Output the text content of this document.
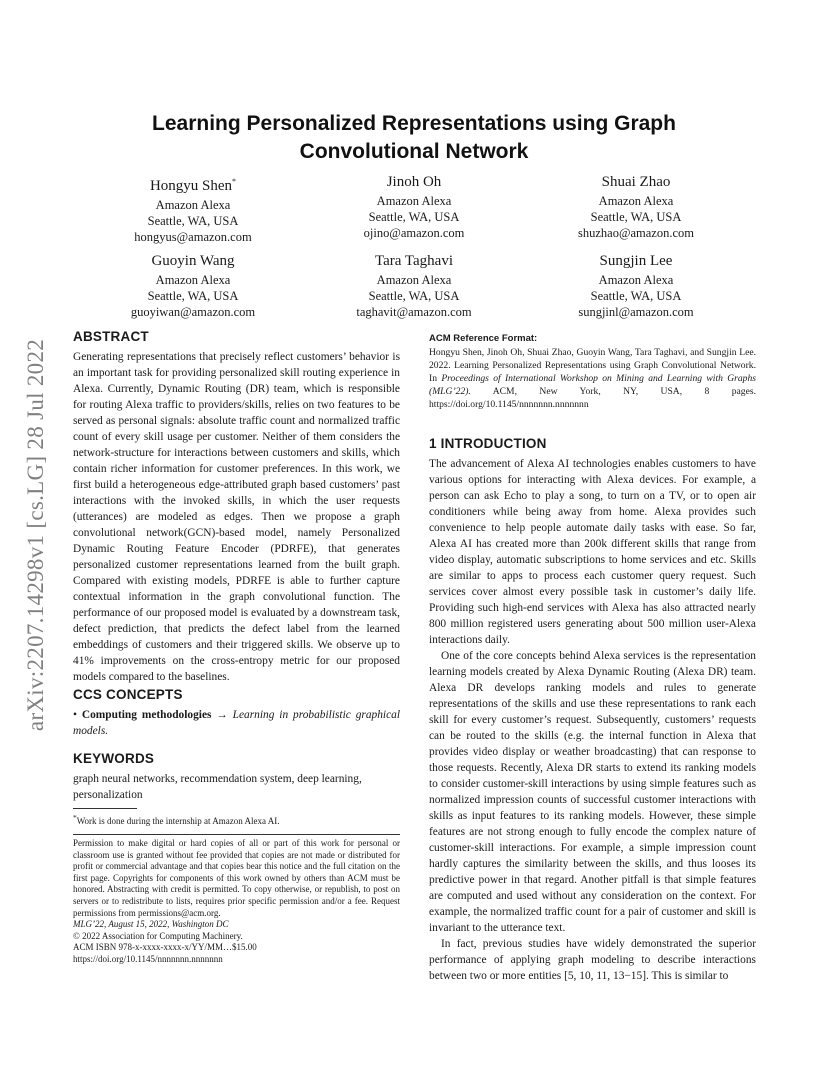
arXiv:2207.14298v1 [cs.LG] 28 Jul 2022
Learning Personalized Representations using Graph Convolutional Network
Hongyu Shen*
Amazon Alexa
Seattle, WA, USA
hongyus@amazon.com
Jinoh Oh
Amazon Alexa
Seattle, WA, USA
ojino@amazon.com
Shuai Zhao
Amazon Alexa
Seattle, WA, USA
shuzhao@amazon.com
Guoyin Wang
Amazon Alexa
Seattle, WA, USA
guoyiwan@amazon.com
Tara Taghavi
Amazon Alexa
Seattle, WA, USA
taghavit@amazon.com
Sungjin Lee
Amazon Alexa
Seattle, WA, USA
sungjinl@amazon.com
ABSTRACT
Generating representations that precisely reflect customers’ behavior is an important task for providing personalized skill routing experience in Alexa. Currently, Dynamic Routing (DR) team, which is responsible for routing Alexa traffic to providers/skills, relies on two features to be served as personal signals: absolute traffic count and normalized traffic count of every skill usage per customer. Neither of them considers the network-structure for interactions between customers and skills, which contain richer information for customer preferences. In this work, we first build a heterogeneous edge-attributed graph based customers’ past interactions with the invoked skills, in which the user requests (utterances) are modeled as edges. Then we propose a graph convolutional network(GCN)-based model, namely Personalized Dynamic Routing Feature Encoder (PDRFE), that generates personalized customer representations learned from the built graph. Compared with existing models, PDRFE is able to further capture contextual information in the graph convolutional function. The performance of our proposed model is evaluated by a downstream task, defect prediction, that predicts the defect label from the learned embeddings of customers and their triggered skills. We observe up to 41% improvements on the cross-entropy metric for our proposed models compared to the baselines.
CCS CONCEPTS
• Computing methodologies → Learning in probabilistic graphical models.
KEYWORDS
graph neural networks, recommendation system, deep learning, personalization
*Work is done during the internship at Amazon Alexa AI.
Permission to make digital or hard copies of all or part of this work for personal or classroom use is granted without fee provided that copies are not made or distributed for profit or commercial advantage and that copies bear this notice and the full citation on the first page. Copyrights for components of this work owned by others than ACM must be honored. Abstracting with credit is permitted. To copy otherwise, or republish, to post on servers or to redistribute to lists, requires prior specific permission and/or a fee. Request permissions from permissions@acm.org.
MLG’22, August 15, 2022, Washington DC
© 2022 Association for Computing Machinery.
ACM ISBN 978-x-xxxx-xxxx-x/YY/MM…$15.00
https://doi.org/10.1145/nnnnnnn.nnnnnnn
ACM Reference Format:
Hongyu Shen, Jinoh Oh, Shuai Zhao, Guoyin Wang, Tara Taghavi, and Sungjin Lee. 2022. Learning Personalized Representations using Graph Convolutional Network. In Proceedings of International Workshop on Mining and Learning with Graphs (MLG’22). ACM, New York, NY, USA, 8 pages. https://doi.org/10.1145/nnnnnnn.nnnnnnn
1 INTRODUCTION
The advancement of Alexa AI technologies enables customers to have various options for interacting with Alexa devices. For example, a person can ask Echo to play a song, to turn on a TV, or to open air conditioners while being away from home. Alexa provides such convenience to help people automate daily tasks with ease. So far, Alexa AI has created more than 200k different skills that range from video display, automatic subscriptions to home services and etc. Skills are similar to apps to process each customer query request. Such services cover almost every possible task in customer’s daily life. Providing such high-end services with Alexa has also attracted nearly 800 million registered users generating about 500 million user-Alexa interactions daily.
One of the core concepts behind Alexa services is the representation learning models created by Alexa Dynamic Routing (Alexa DR) team. Alexa DR develops ranking models and rules to generate representations of the skills and use these representations to rank each skill for every customer’s request. Subsequently, customers’ requests can be routed to the skills (e.g. the internal function in Alexa that provides video display or weather broadcasting) that can response to those requests. Recently, Alexa DR starts to extend its ranking models to consider customer-skill interactions by using simple features such as normalized impression counts of successful customer interactions with skills as input features to its ranking models. However, these simple features are not strong enough to fully encode the complex nature of customer-skill interactions. For example, a simple impression count hardly captures the similarity between the skills, and thus looses its predictive power in that regard. Another pitfall is that simple features are computed and used without any consideration on the context. For example, the normalized traffic count for a pair of customer and skill is invariant to the utterance text.
In fact, previous studies have widely demonstrated the superior performance of applying graph modeling to describe interactions between two or more entities [5, 10, 11, 13−15]. This is similar to
